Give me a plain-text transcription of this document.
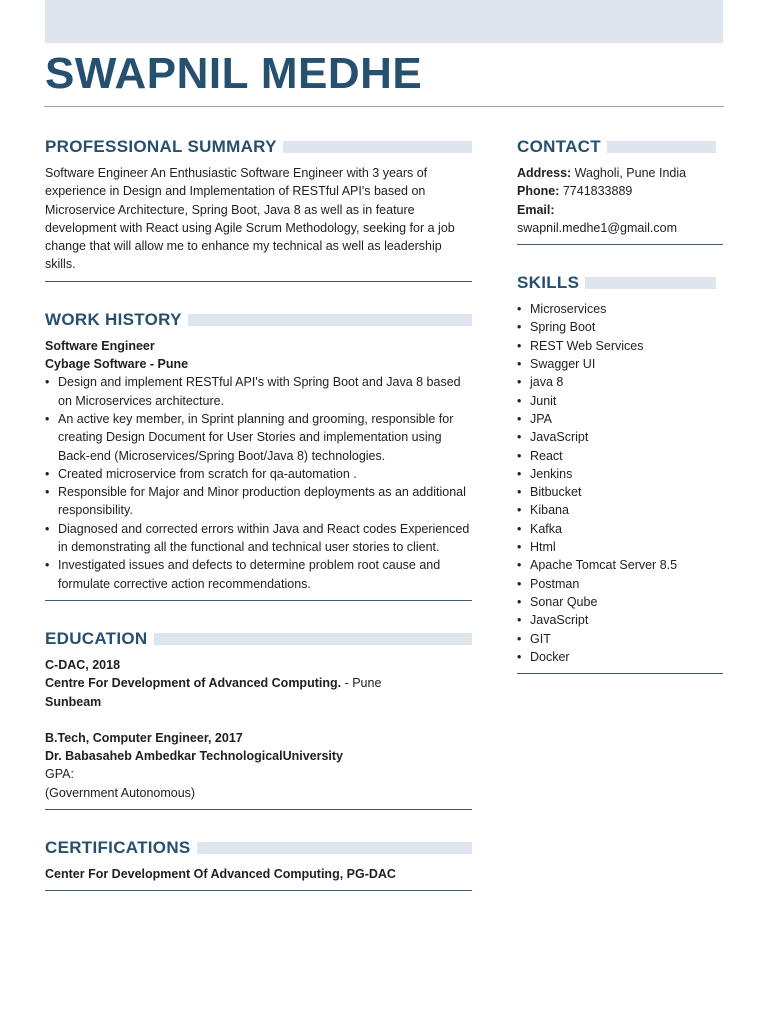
SWAPNIL MEDHE
PROFESSIONAL SUMMARY

Software Engineer An Enthusiastic Software Engineer with 3 years of experience in Design and Implementation of RESTful API's based on Microservice Architecture, Spring Boot, Java 8 as well as in feature development with React using Agile Scrum Methodology, seeking for a job change that will allow me to enhance my technical as well as leadership skills.

WORK HISTORY

Software Engineer

Cybage Software - Pune

• Design and implement RESTful API's with Spring Boot and Java 8 based on Microservices architecture.
• An active key member, in Sprint planning and grooming, responsible for creating Design Document for User Stories and implementation using Back-end (Microservices/Spring Boot/Java 8) technologies.
• Created microservice from scratch for qa-automation .
• Responsible for Major and Minor production deployments as an additional responsibility.
• Diagnosed and corrected errors within Java and React codes Experienced in demonstrating all the functional and technical user stories to client.
• Investigated issues and defects to determine problem root cause and formulate corrective action recommendations.
EDUCATION

C-DAC, 2018

Centre For Development of Advanced Computing. - Pune

Sunbeam

B.Tech, Computer Engineer, 2017

Dr. Babasaheb Ambedkar TechnologicalUniversity

GPA:

(Government Autonomous)

CERTIFICATIONS

Center For Development Of Advanced Computing, PG-DAC

CONTACT

Address: Wagholi, Pune India

Phone: 7741833889

Email:

swapnil.medhe1@gmail.com

SKILLS
• Microservices
• Spring Boot
• REST Web Services
• Swagger UI
• java 8
• Junit
• JPA
• JavaScript
• React
• Jenkins
• Bitbucket
• Kibana
• Kafka
• Html
• Apache Tomcat Server 8.5
• Postman
• Sonar Qube
• JavaScript
• GIT
• Docker
